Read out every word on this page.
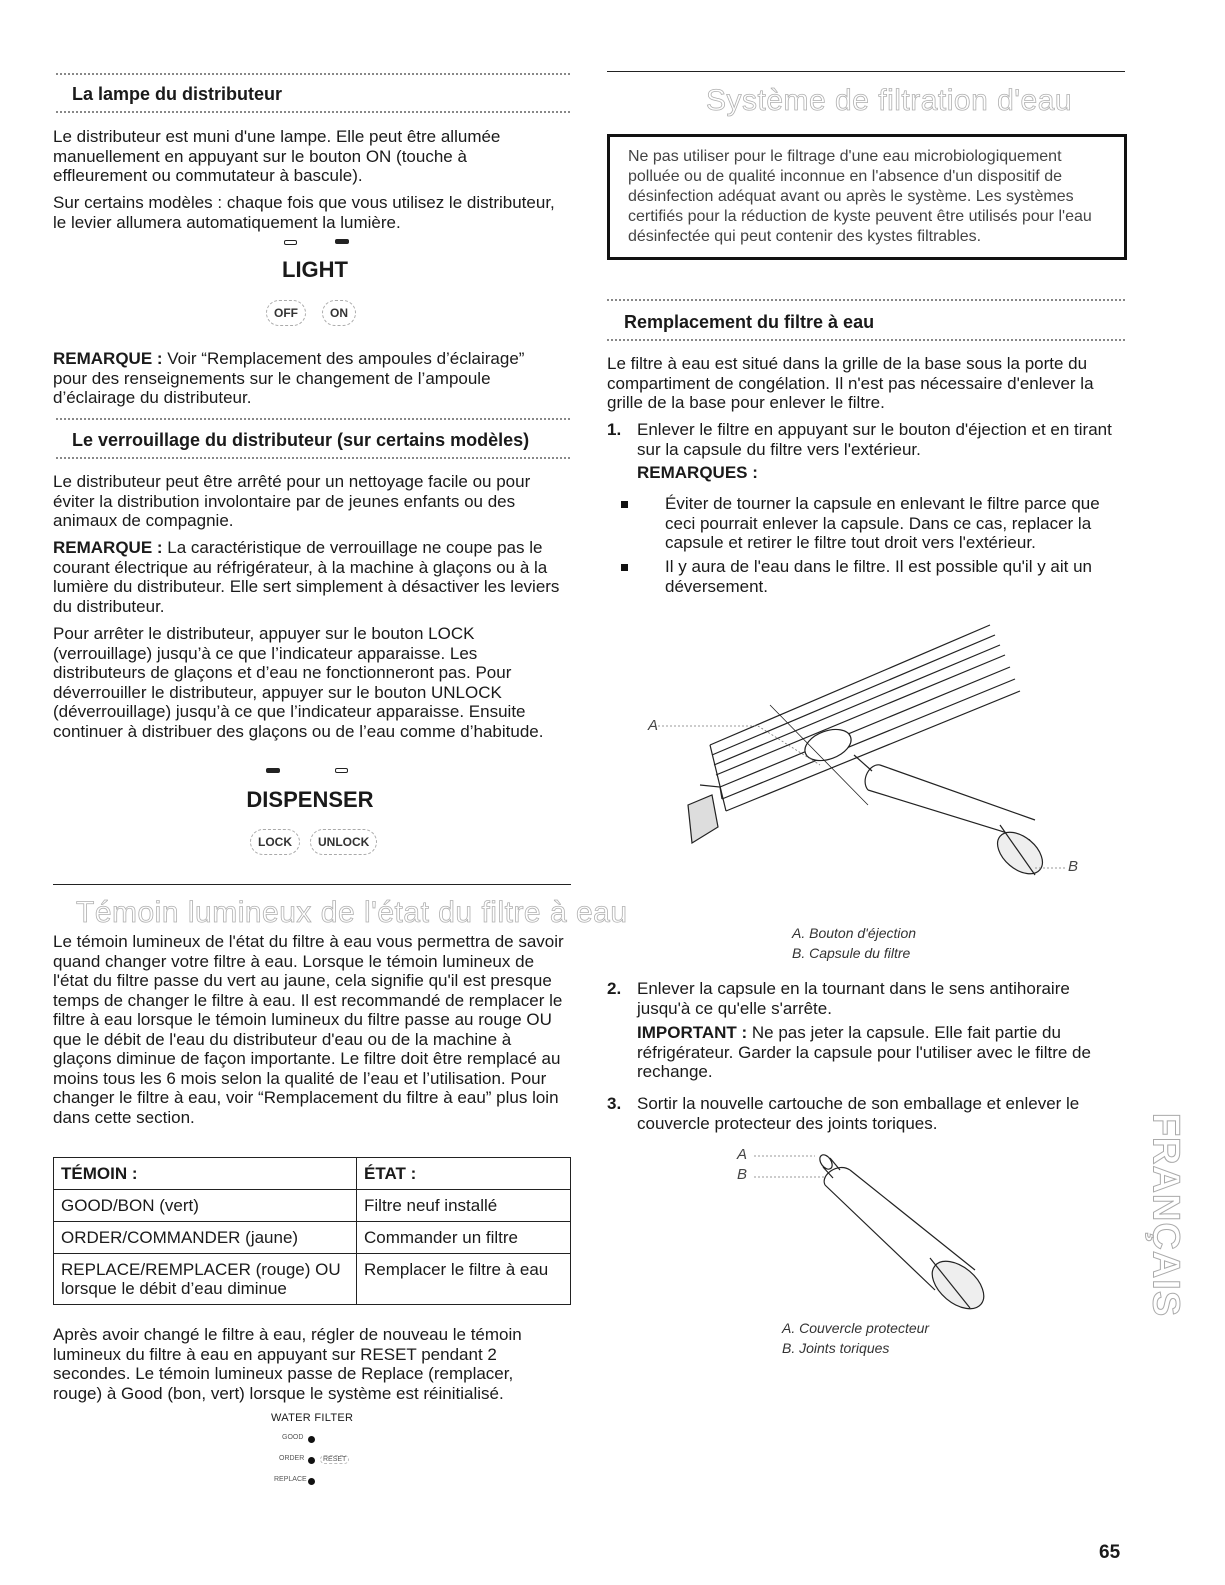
La lampe du distributeur
Le distributeur est muni d'une lampe. Elle peut être allumée manuellement en appuyant sur le bouton ON (touche à effleurement ou commutateur à bascule).
Sur certains modèles : chaque fois que vous utilisez le distributeur, le levier allumera automatiquement la lumière.
LIGHT
OFF	ON
REMARQUE : Voir “Remplacement des ampoules d’éclairage” pour des renseignements sur le changement de l’ampoule d’éclairage du distributeur.
Le verrouillage du distributeur (sur certains modèles)
Le distributeur peut être arrêté pour un nettoyage facile ou pour éviter la distribution involontaire par de jeunes enfants ou des animaux de compagnie.
REMARQUE : La caractéristique de verrouillage ne coupe pas le courant électrique au réfrigérateur, à la machine à glaçons ou à la lumière du distributeur. Elle sert simplement à désactiver les leviers du distributeur.
Pour arrêter le distributeur, appuyer sur le bouton LOCK (verrouillage) jusqu’à ce que l’indicateur apparaisse. Les distributeurs de glaçons et d’eau ne fonctionneront pas. Pour déverrouiller le distributeur, appuyer sur le bouton UNLOCK (déverrouillage) jusqu’à ce que l’indicateur apparaisse. Ensuite continuer à distribuer des glaçons ou de l’eau comme d’habitude.
DISPENSER
LOCK	UNLOCK
Témoin lumineux de l'état du filtre à eau
Le témoin lumineux de l'état du filtre à eau vous permettra de savoir quand changer votre filtre à eau. Lorsque le témoin lumineux de l'état du filtre passe du vert au jaune, cela signifie qu'il est presque temps de changer le filtre à eau. Il est recommandé de remplacer le filtre à eau lorsque le témoin lumineux du filtre passe au rouge OU que le débit de l'eau du distributeur d'eau ou de la machine à glaçons diminue de façon importante. Le filtre doit être remplacé au moins tous les 6 mois selon la qualité de l’eau et l’utilisation. Pour changer le filtre à eau, voir “Remplacement du filtre à eau” plus loin dans cette section.
TÉMOIN :	ÉTAT :
GOOD/BON (vert)	Filtre neuf installé
ORDER/COMMANDER (jaune)	Commander un filtre
REPLACE/REMPLACER (rouge) OU lorsque le débit d’eau diminue	Remplacer le filtre à eau
Après avoir changé le filtre à eau, régler de nouveau le témoin lumineux du filtre à eau en appuyant sur RESET pendant 2 secondes. Le témoin lumineux passe de Replace (remplacer, rouge) à Good (bon, vert) lorsque le système est réinitialisé.
WATER FILTER
GOOD
ORDER	RESET
REPLACE
Système de filtration d'eau
Ne pas utiliser pour le filtrage d'une eau microbiologiquement polluée ou de qualité inconnue en l'absence d'un dispositif de désinfection adéquat avant ou après le système. Les systèmes certifiés pour la réduction de kyste peuvent être utilisés pour l'eau désinfectée qui peut contenir des kystes filtrables.
Remplacement du filtre à eau
Le filtre à eau est situé dans la grille de la base sous la porte du compartiment de congélation. Il n'est pas nécessaire d'enlever la grille de la base pour enlever le filtre.
1. Enlever le filtre en appuyant sur le bouton d'éjection et en tirant sur la capsule du filtre vers l'extérieur.
REMARQUES :
Éviter de tourner la capsule en enlevant le filtre parce que ceci pourrait enlever la capsule. Dans ce cas, replacer la capsule et retirer le filtre tout droit vers l'extérieur.
Il y aura de l'eau dans le filtre. Il est possible qu'il y ait un déversement.
A
B
A. Bouton d'éjection
B. Capsule du filtre
2. Enlever la capsule en la tournant dans le sens antihoraire jusqu'à ce qu'elle s'arrête.
IMPORTANT : Ne pas jeter la capsule. Elle fait partie du réfrigérateur. Garder la capsule pour l'utiliser avec le filtre de rechange.
3. Sortir la nouvelle cartouche de son emballage et enlever le couvercle protecteur des joints toriques.
A
B
A. Couvercle protecteur
B. Joints toriques
FRANÇAIS
65
